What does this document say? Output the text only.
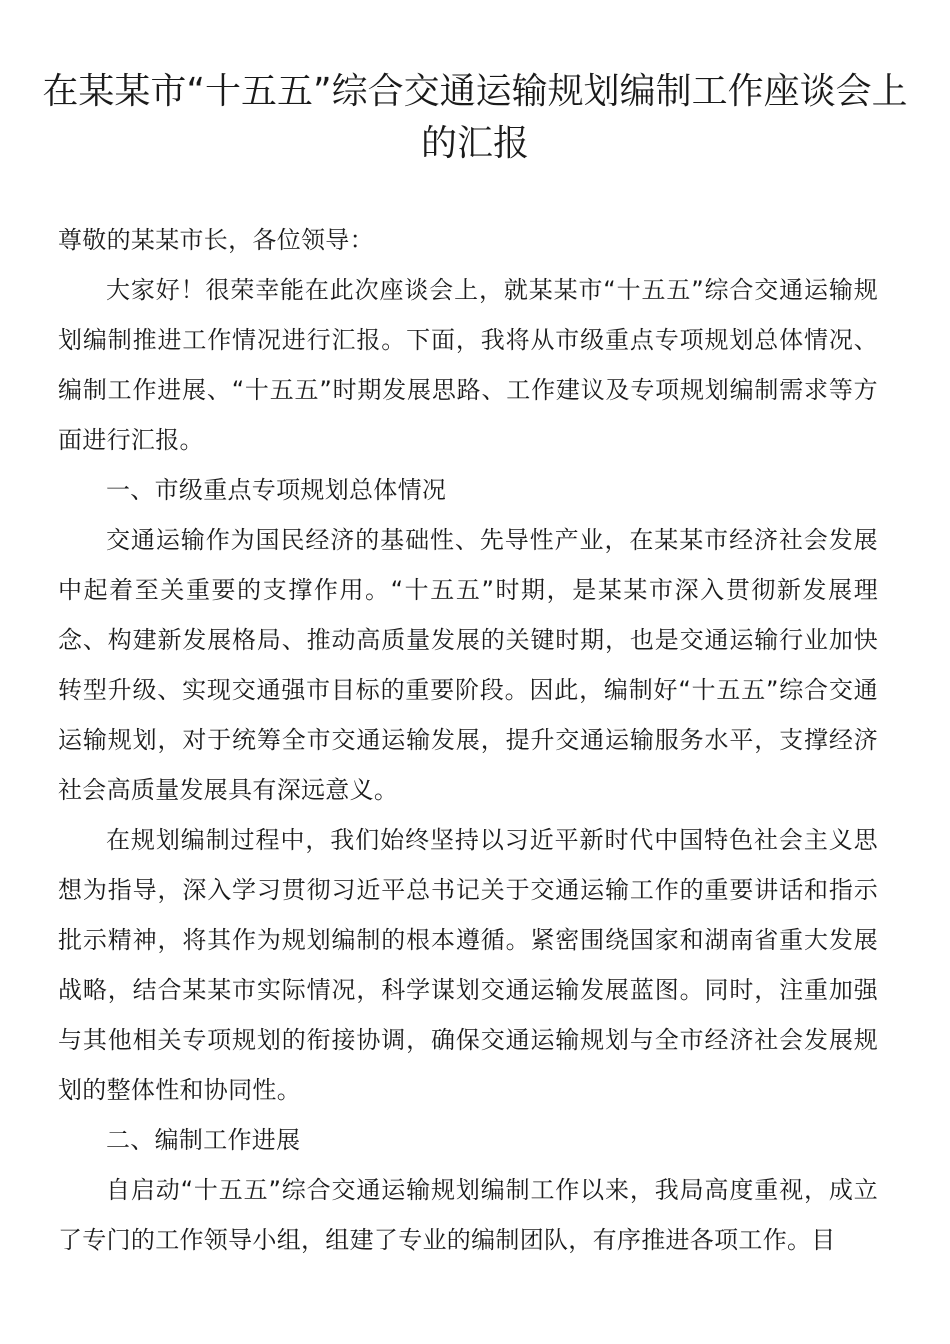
在某某市“十五五”综合交通运输规划编制工作座谈会上的汇报

尊敬的某某市长，各位领导：

大家好！很荣幸能在此次座谈会上，就某某市“十五五”综合交通运输规划编制推进工作情况进行汇报。下面，我将从市级重点专项规划总体情况、编制工作进展、“十五五”时期发展思路、工作建议及专项规划编制需求等方面进行汇报。

一、市级重点专项规划总体情况

交通运输作为国民经济的基础性、先导性产业，在某某市经济社会发展中起着至关重要的支撑作用。“十五五”时期，是某某市深入贯彻新发展理念、构建新发展格局、推动高质量发展的关键时期，也是交通运输行业加快转型升级、实现交通强市目标的重要阶段。因此，编制好“十五五”综合交通运输规划，对于统筹全市交通运输发展，提升交通运输服务水平，支撑经济社会高质量发展具有深远意义。

在规划编制过程中，我们始终坚持以习近平新时代中国特色社会主义思想为指导，深入学习贯彻习近平总书记关于交通运输工作的重要讲话和指示批示精神，将其作为规划编制的根本遵循。紧密围绕国家和湖南省重大发展战略，结合某某市实际情况，科学谋划交通运输发展蓝图。同时，注重加强与其他相关专项规划的衔接协调，确保交通运输规划与全市经济社会发展规划的整体性和协同性。

二、编制工作进展

自启动“十五五”综合交通运输规划编制工作以来，我局高度重视，成立了专门的工作领导小组，组建了专业的编制团队，有序推进各项工作。目
